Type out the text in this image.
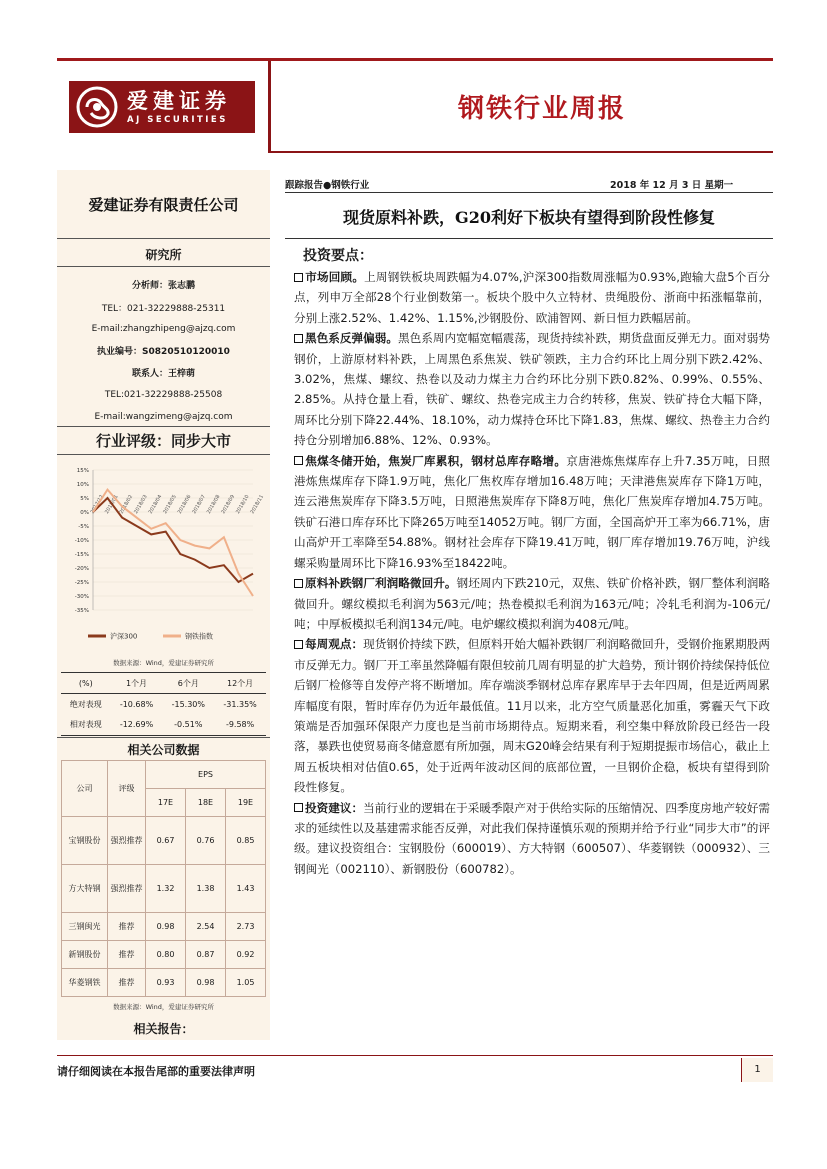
爱建证券
AJ SECURITIES	钢铁行业周报
爱建证券有限责任公司
研究所
分析师：张志鹏
TEL：021-32229888-25311
E-mail:zhangzhipeng@ajzq.com
执业编号：S0820510120010
联系人：王梓萌
TEL:021-32229888-25508
E-mail:wangzimeng@ajzq.com
行业评级：同步大市
15%
10%
5%
0%
-5%
-10%
-15%
-20%
-25%
-30%
-35%
2017/12
2018/01
2018/02
2018/03
2018/04
2018/05
2018/06
2018/07
2018/08
2018/09
2018/10
2018/11
沪深300	钢铁指数
数据来源：Wind，爱建证券研究所
(%)	1个月	6个月	12个月
绝对表现	-10.68%	-15.30%	-31.35%
相对表现	-12.69%	-0.51%	-9.58%
相关公司数据
公司	评级	EPS		
		17E	18E	19E
宝钢股份	强烈推荐	0.67	0.76	0.85
方大特钢	强烈推荐	1.32	1.38	1.43
三钢闽光	推荐	0.98	2.54	2.73
新钢股份	推荐	0.80	0.87	0.92
华菱钢铁	推荐	0.93	0.98	1.05
数据来源：Wind，爱建证券研究所
相关报告：
跟踪报告●钢铁行业	2018 年 12 月 3 日 星期一
现货原料补跌，G20利好下板块有望得到阶段性修复
投资要点：

市场回顾。上周钢铁板块周跌幅为4.07%,沪深300指数周涨幅为0.93%,跑输大盘5个百分点，列申万全部28个行业倒数第一。板块个股中久立特材、贵绳股份、浙商中拓涨幅靠前，分别上涨2.52%、1.42%、1.15%,沙钢股份、欧浦智网、新日恒力跌幅居前。

黑色系反弹偏弱。黑色系周内宽幅宽幅震荡，现货持续补跌，期货盘面反弹无力。面对弱势钢价，上游原材料补跌，上周黑色系焦炭、铁矿领跌，主力合约环比上周分别下跌2.42%、3.02%，焦煤、螺纹、热卷以及动力煤主力合约环比分别下跌0.82%、0.99%、0.55%、2.85%。从持仓量上看，铁矿、螺纹、热卷完成主力合约转移，焦炭、铁矿持仓大幅下降，周环比分别下降22.44%、18.10%，动力煤持仓环比下降1.83，焦煤、螺纹、热卷主力合约持仓分别增加6.88%、12%、0.93%。

焦煤冬储开始，焦炭厂库累积，钢材总库存略增。京唐港炼焦煤库存上升7.35万吨，日照港炼焦煤库存下降1.9万吨，焦化厂焦枚库存增加16.48万吨；天津港焦炭库存下降1万吨，连云港焦炭库存下降3.5万吨，日照港焦炭库存下降8万吨，焦化厂焦炭库存增加4.75万吨。铁矿石港口库存环比下降265万吨至14052万吨。钢厂方面，全国高炉开工率为66.71%，唐山高炉开工率降至54.88%。钢材社会库存下降19.41万吨，钢厂库存增加19.76万吨，沪线螺采购量周环比下降16.93%至18422吨。

原料补跌钢厂利润略微回升。钢坯周内下跌210元，双焦、铁矿价格补跌，钢厂整体利润略微回升。螺纹模拟毛利润为563元/吨；热卷模拟毛利润为163元/吨；冷轧毛利润为-106元/吨；中厚板模拟毛利润134元/吨。电炉螺纹模拟利润为408元/吨。

每周观点：现货钢价持续下跌，但原料开始大幅补跌钢厂利润略微回升，受钢价拖累期股两市反弹无力。钢厂开工率虽然降幅有限但较前几周有明显的扩大趋势，预计钢价持续保持低位后钢厂检修等自发停产将不断增加。库存端淡季钢材总库存累库早于去年四周，但是近两周累库幅度有限，暂时库存仍为近年最低值。11月以来，北方空气质量恶化加重，雾霾天气下政策端是否加强环保限产力度也是当前市场期待点。短期来看，利空集中释放阶段已经告一段落，暴跌也使贸易商冬储意愿有所加强，周末G20峰会结果有利于短期提振市场信心，截止上周五板块相对估值0.65，处于近两年波动区间的底部位置，一旦钢价企稳，板块有望得到阶段性修复。

投资建议：当前行业的逻辑在于采暖季限产对于供给实际的压缩情况、四季度房地产较好需求的延续性以及基建需求能否反弹，对此我们保持谨慎乐观的预期并给予行业“同步大市”的评级。建议投资组合：宝钢股份（600019）、方大特钢（600507）、华菱钢铁（000932）、三钢闽光（002110）、新钢股份（600782）。

请仔细阅读在本报告尾部的重要法律声明	1
